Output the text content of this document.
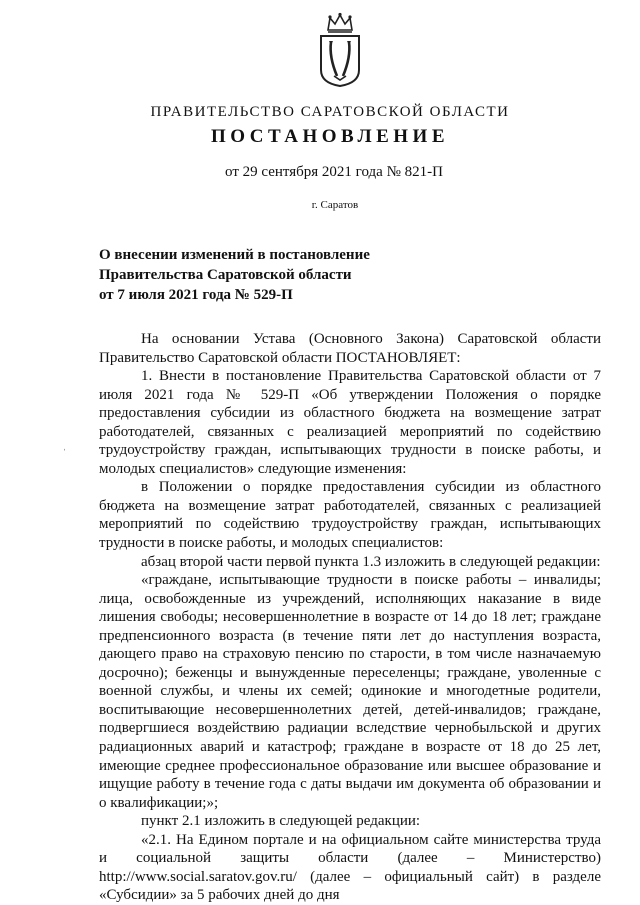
ПРАВИТЕЛЬСТВО САРАТОВСКОЙ ОБЛАСТИ
ПОСТАНОВЛЕНИЕ
от 29 сентября 2021 года № 821-П
г. Саратов
О внесении изменений в постановление
Правительства Саратовской области
от 7 июля 2021 года № 529-П
ˌ

На основании Устава (Основного Закона) Саратовской области Правительство Саратовской области ПОСТАНОВЛЯЕТ:

1. Внести в постановление Правительства Саратовской области от 7 июля 2021 года № 529-П «Об утверждении Положения о порядке предоставления субсидии из областного бюджета на возмещение затрат работодателей, связанных с реализацией мероприятий по содействию трудоустройству граждан, испытывающих трудности в поиске работы, и молодых специалистов» следующие изменения:

в Положении о порядке предоставления субсидии из областного бюджета на возмещение затрат работодателей, связанных с реализацией мероприятий по содействию трудоустройству граждан, испытывающих трудности в поиске работы, и молодых специалистов:

абзац второй части первой пункта 1.3 изложить в следующей редакции:

«граждане, испытывающие трудности в поиске работы – инвалиды; лица, освобожденные из учреждений, исполняющих наказание в виде лишения свободы; несовершеннолетние в возрасте от 14 до 18 лет; граждане предпенсионного возраста (в течение пяти лет до наступления возраста, дающего право на страховую пенсию по старости, в том числе назначаемую досрочно); беженцы и вынужденные переселенцы; граждане, уволенные с военной службы, и члены их семей; одинокие и многодетные родители, воспитывающие несовершеннолетних детей, детей-инвалидов; граждане, подвергшиеся воздействию радиации вследствие чернобыльской и других радиационных аварий и катастроф; граждане в возрасте от 18 до 25 лет, имеющие среднее профессиональное образование или высшее образование и ищущие работу в течение года с даты выдачи им документа об образовании и о квалификации;»;

пункт 2.1 изложить в следующей редакции:

«2.1. На Едином портале и на официальном сайте министерства труда и социальной защиты области (далее – Министерство) http://www.social.saratov.gov.ru/ (далее – официальный сайт) в разделе «Субсидии» за 5 рабочих дней до дня
